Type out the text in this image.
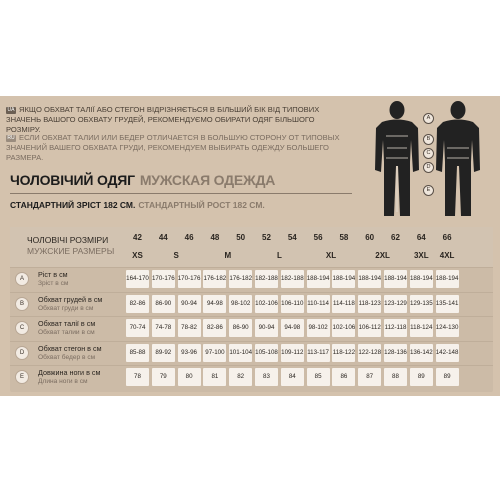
UA ЯКЩО ОБХВАТ ТАЛІЇ АБО СТЕГОН ВІДРІЗНЯЄТЬСЯ В БІЛЬШИЙ БІК ВІД ТИПОВИХ ЗНАЧЕНЬ ВАШОГО ОБХВАТУ ГРУДЕЙ, РЕКОМЕНДУЄМО ОБИРАТИ ОДЯГ БІЛЬШОГО РОЗМІРУ.
RU ЕСЛИ ОБХВАТ ТАЛИИ ИЛИ БЕДЕР ОТЛИЧАЕТСЯ В БОЛЬШУЮ СТОРОНУ ОТ ТИПОВЫХ ЗНАЧЕНИЙ ВАШЕГО ОБХВАТА ГРУДИ, РЕКОМЕНДУЕМ ВЫБИРАТЬ ОДЕЖДУ БОЛЬШЕГО РАЗМЕРА.
ЧОЛОВІЧИЙ ОДЯГ МУЖСКАЯ ОДЕЖДА
СТАНДАРТНИЙ ЗРІСТ 182 СМ. СТАНДАРТНЫЙ РОСТ 182 СМ.
A
B
C
D
E
ЧОЛОВІЧІ РОЗМІРИ
МУЖСКИЕ РАЗМЕРЫ
42	44	46	48	50	52	54	56	58	60	62	64	66
XS	S	M	L	XL	2XL	3XL	4XL
A	Ріст в см
Зріст в см
164-170 170-176 170-176 176-182 176-182 182-188 182-188 188-194 188-194 188-194 188-194 188-194 188-194
B	Обхват грудей в см
Обхват груди в см
82-86	86-90	90-94	94-98	98-102 102-106 106-110 110-114 114-118 118-123 123-129 129-135 135-141
C	Обхват талії в см
Обхват талии в см
70-74	74-78	78-82	82-86	86-90	90-94	94-98	98-102 102-106 106-112 112-118 118-124 124-130
D	Обхват стегон в см
Обхват бедер в см
85-88	89-92	93-96	97-100 101-104 105-108 109-112 113-117 118-122 122-128 128-136 136-142 142-148
E	Довжина ноги в см
Длина ноги в см
78	79	80	81	82	83	84	85	86	87	88	89	89
